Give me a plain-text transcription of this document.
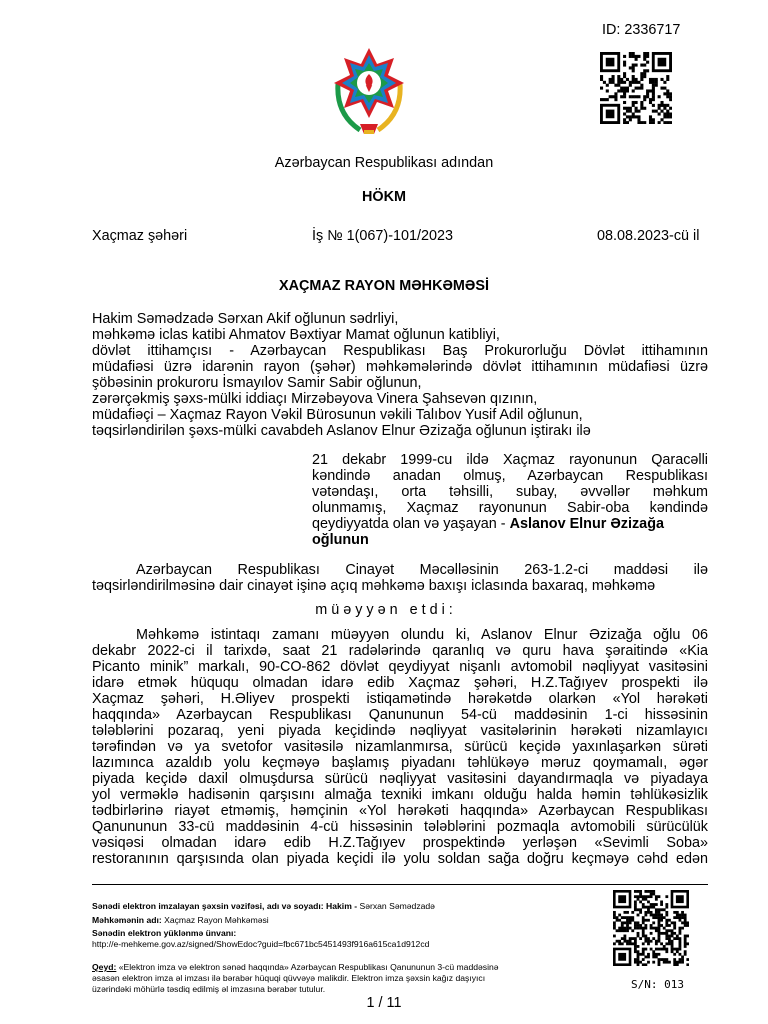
ID: 2336717
Azərbaycan Respublikası adından
HÖKM
Xaçmaz şəhəri	İş № 1(067)-101/2023	08.08.2023-cü il
XAÇMAZ RAYON MƏHKƏMƏSİ
Hakim Səmədzadə Sərxan Akif oğlunun sədrliyi,
məhkəmə iclas katibi Ahmatov Bəxtiyar Mamat oğlunun katibliyi,
dövlət ittihamçısı - Azərbaycan Respublikası Baş Prokurorluğu Dövlət ittihamının
müdafiəsi üzrə idarənin rayon (şəhər) məhkəmələrində dövlət ittihamının müdafiəsi üzrə
şöbəsinin prokuroru İsmayılov Samir Sabir oğlunun,
zərərçəkmiş şəxs-mülki iddiaçı Mirzəbəyova Vinera Şahsevən qızının,
müdafiəçi – Xaçmaz Rayon Vəkil Bürosunun vəkili Talıbov Yusif Adil oğlunun,
təqsirləndirilən şəxs-mülki cavabdeh Aslanov Elnur Əzizağa oğlunun iştirakı ilə
21 dekabr 1999-cu ildə Xaçmaz rayonunun Qaracəlli
kəndində anadan olmuş, Azərbaycan Respublikası
vətəndaşı, orta təhsilli, subay, əvvəllər məhkum
olunmamış, Xaçmaz rayonunun Sabir-oba kəndində
qeydiyyatda olan və yaşayan - Aslanov Elnur Əzizağa
oğlunun
Azərbaycan Respublikası Cinayət Məcəlləsinin 263-1.2-ci maddəsi ilə
təqsirləndirilməsinə dair cinayət işinə açıq məhkəmə baxışı iclasında baxaraq, məhkəmə
m ü ə y y ə n   e t d i :
Məhkəmə istintaqı zamanı müəyyən olundu ki, Aslanov Elnur Əzizağa oğlu 06
dekabr 2022-ci il tarixdə, saat 21 radələrində qaranlıq və quru hava şəraitində «Kia
Picanto minik” markalı, 90-CO-862 dövlət qeydiyyat nişanlı avtomobil nəqliyyat vasitəsini
idarə etmək hüququ olmadan idarə edib Xaçmaz şəhəri, H.Z.Tağıyev prospekti ilə
Xaçmaz şəhəri, H.Əliyev prospekti istiqamətində hərəkətdə olarkən «Yol hərəkəti
haqqında» Azərbaycan Respublikası Qanununun 54-cü maddəsinin 1-ci hissəsinin
tələblərini pozaraq, yeni piyada keçidində nəqliyyat vasitələrinin hərəkəti nizamlayıcı
tərəfindən və ya svetofor vasitəsilə nizamlanmırsa, sürücü keçidə yaxınlaşarkən sürəti
lazımınca azaldıb yolu keçməyə başlamış piyadanı təhlükəyə məruz qoymamalı, əgər
piyada keçidə daxil olmuşdursa sürücü nəqliyyat vasitəsini dayandırmaqla və piyadaya
yol verməklə hadisənin qarşısını almağa texniki imkanı olduğu halda həmin təhlükəsizlik
tədbirlərinə riayət etməmiş, həmçinin «Yol hərəkəti haqqında» Azərbaycan Respublikası
Qanununun 33-cü maddəsinin 4-cü hissəsinin tələblərini pozmaqla avtomobili sürücülük
vəsiqəsi olmadan idarə edib H.Z.Tağıyev prospektində yerləşən «Sevimli Soba»
restoranının qarşısında olan piyada keçidi ilə yolu soldan sağa doğru keçməyə cəhd edən
Sənədi elektron imzalayan şəxsin vəzifəsi, adı və soyadı: Hakim - Sərxan Səmədzadə
Məhkəmənin adı: Xaçmaz Rayon Məhkəməsi
Sənədin elektron yüklənmə ünvanı:
http://e-mehkeme.gov.az/signed/ShowEdoc?guid=fbc671bc5451493f916a615ca1d912cd
Qeyd: «Elektron imza və elektron sənəd haqqında» Azərbaycan Respublikası Qanununun 3-cü maddəsinə
əsasən elektron imza əl imzası ilə bərabər hüquqi qüvvəyə malikdir. Elektron imza şəxsin kağız daşıyıcı
üzərindəki möhürlə təsdiq edilmiş əl imzasına bərabər tutulur.	S/N: 013
1 / 11
